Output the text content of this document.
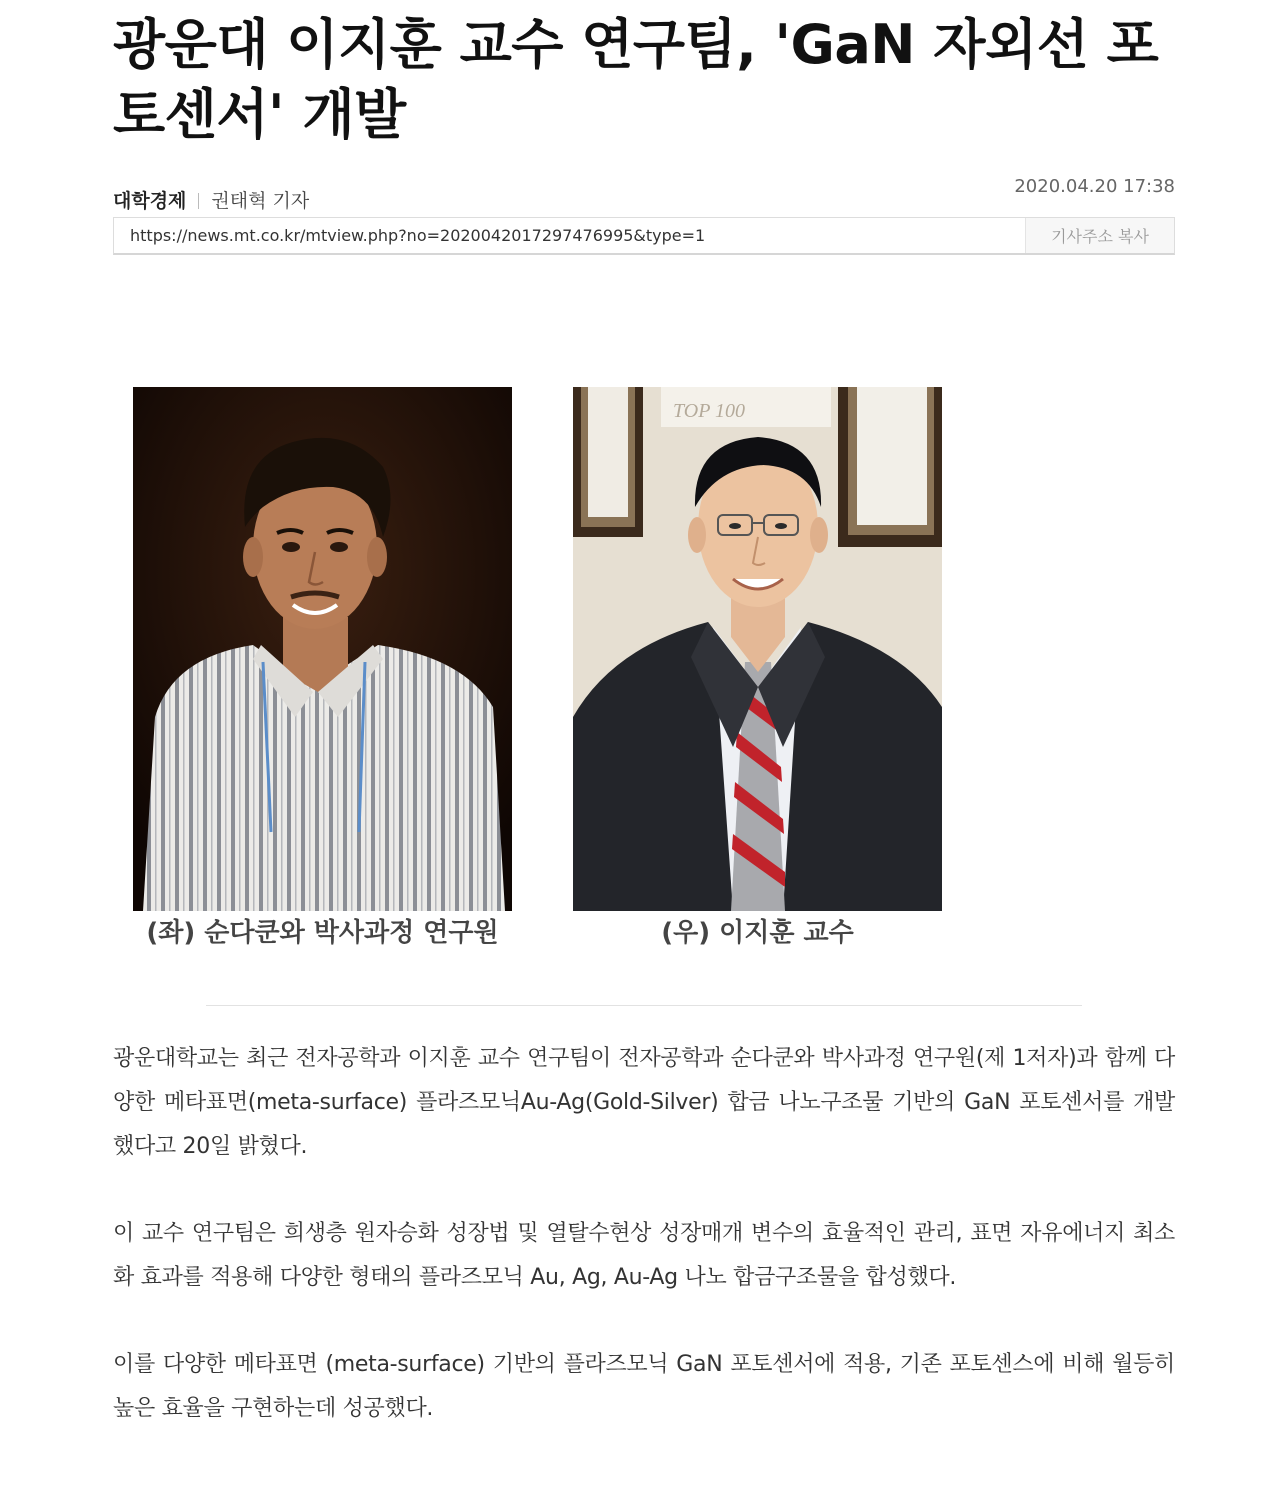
광운대 이지훈 교수 연구팀, 'GaN 자외선 포토센서' 개발
대학경제 권태혁 기자
2020.04.20 17:38
https://news.mt.co.kr/mtview.php?no=2020042017297476995&type=1	기사주소 복사
TOP 100
(좌) 순다쿤와 박사과정 연구원	(우) 이지훈 교수

광운대학교는 최근 전자공학과 이지훈 교수 연구팀이 전자공학과 순다쿤와 박사과정 연구원(제 1저자)과 함께 다양한 메타표면(meta-surface) 플라즈모닉Au-Ag(Gold-Silver) 합금 나노구조물 기반의 GaN 포토센서를 개발했다고 20일 밝혔다.

이 교수 연구팀은 희생층 원자승화 성장법 및 열탈수현상 성장매개 변수의 효율적인 관리, 표면 자유에너지 최소화 효과를 적용해 다양한 형태의 플라즈모닉 Au, Ag, Au-Ag 나노 합금구조물을 합성했다.

이를 다양한 메타표면 (meta-surface) 기반의 플라즈모닉 GaN 포토센서에 적용, 기존 포토센스에 비해 월등히 높은 효율을 구현하는데 성공했다.
